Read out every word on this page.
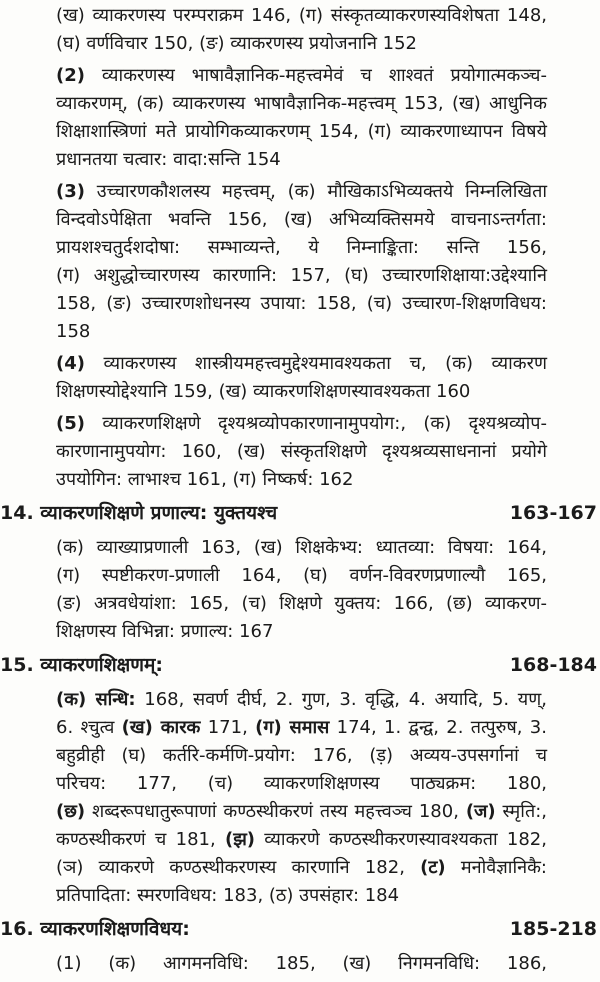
(ख) व्याकरणस्य परम्पराक्रम 146, (ग) संस्कृतव्याकरणस्यविशेषता 148,
(घ) वर्णविचार 150, (ङ) व्याकरणस्य प्रयोजनानि 152
(2) व्याकरणस्य भाषावैज्ञानिक-महत्त्वमेवं च शाश्वतं प्रयोगात्मकञ्च-
व्याकरणम्, (क) व्याकरणस्य भाषावैज्ञानिक-महत्त्वम् 153, (ख) आधुनिक
शिक्षाशास्त्रिणां मते प्रायोगिकव्याकरणम् 154, (ग) व्याकरणाध्यापन विषये
प्रधानतया चत्वार: वादा:सन्ति 154
(3) उच्चारणकौशलस्य महत्त्वम्, (क) मौखिकाऽभिव्यक्तये निम्नलिखिता
विन्दवोऽपेक्षिता भवन्ति 156, (ख) अभिव्यक्तिसमये वाचनाऽन्तर्गता:
प्रायशश्चतुर्दशदोषा: सम्भाव्यन्ते, ये निम्नाङ्किता: सन्ति 156,
(ग) अशुद्धोच्चारणस्य कारणानि: 157, (घ) उच्चारणशिक्षाया:उद्देश्यानि
158, (ङ) उच्चारणशोधनस्य उपाया: 158, (च) उच्चारण-शिक्षणविधय:
158
(4) व्याकरणस्य शास्त्रीयमहत्त्वमुद्देश्यमावश्यकता च, (क) व्याकरण
शिक्षणस्योद्देश्यानि 159, (ख) व्याकरणशिक्षणस्यावश्यकता 160
(5) व्याकरणशिक्षणे दृश्यश्रव्योपकारणानामुपयोग:, (क) दृश्यश्रव्योप-
कारणानामुपयोग: 160, (ख) संस्कृतशिक्षणे दृश्यश्रव्यसाधनानां प्रयोगे
उपयोगिन: लाभाश्च 161, (ग) निष्कर्ष: 162
14. व्याकरणशिक्षणे प्रणाल्य: युक्तयश्च	163-167
(क) व्याख्याप्रणाली 163, (ख) शिक्षकेभ्य: ध्यातव्या: विषया: 164,
(ग) स्पष्टीकरण-प्रणाली 164, (घ) वर्णन-विवरणप्रणाल्यौ 165,
(ङ) अत्रवधेयांशा: 165, (च) शिक्षणे युक्तय: 166, (छ) व्याकरण-
शिक्षणस्य विभिन्ना: प्रणाल्य: 167
15. व्याकरणशिक्षणम्:	168-184
(क) सन्धि: 168, सवर्ण दीर्घ, 2. गुण, 3. वृद्धि, 4. अयादि, 5. यण्,
6. श्चुत्व (ख) कारक 171, (ग) समास 174, 1. द्वन्द्व, 2. तत्पुरुष, 3.
बहुव्रीही (घ) कर्तरि-कर्मणि-प्रयोग: 176, (ड़) अव्यय-उपसर्गानां च
परिचय: 177, (च) व्याकरणशिक्षणस्य पाठ्यक्रम: 180,
(छ) शब्दरूपधातुरूपाणां कण्ठस्थीकरणं तस्य महत्त्वञ्च 180, (ज) स्मृति:,
कण्ठस्थीकरणं च 181, (झ) व्याकरणे कण्ठस्थीकरणस्यावश्यकता 182,
(ञ) व्याकरणे कण्ठस्थीकरणस्य कारणानि 182, (ट) मनोवैज्ञानिकै:
प्रतिपादिता: स्मरणविधय: 183, (ठ) उपसंहार: 184
16. व्याकरणशिक्षणविधय:	185-218
(1) (क) आगमनविधि: 185, (ख) निगमनविधि: 186,
